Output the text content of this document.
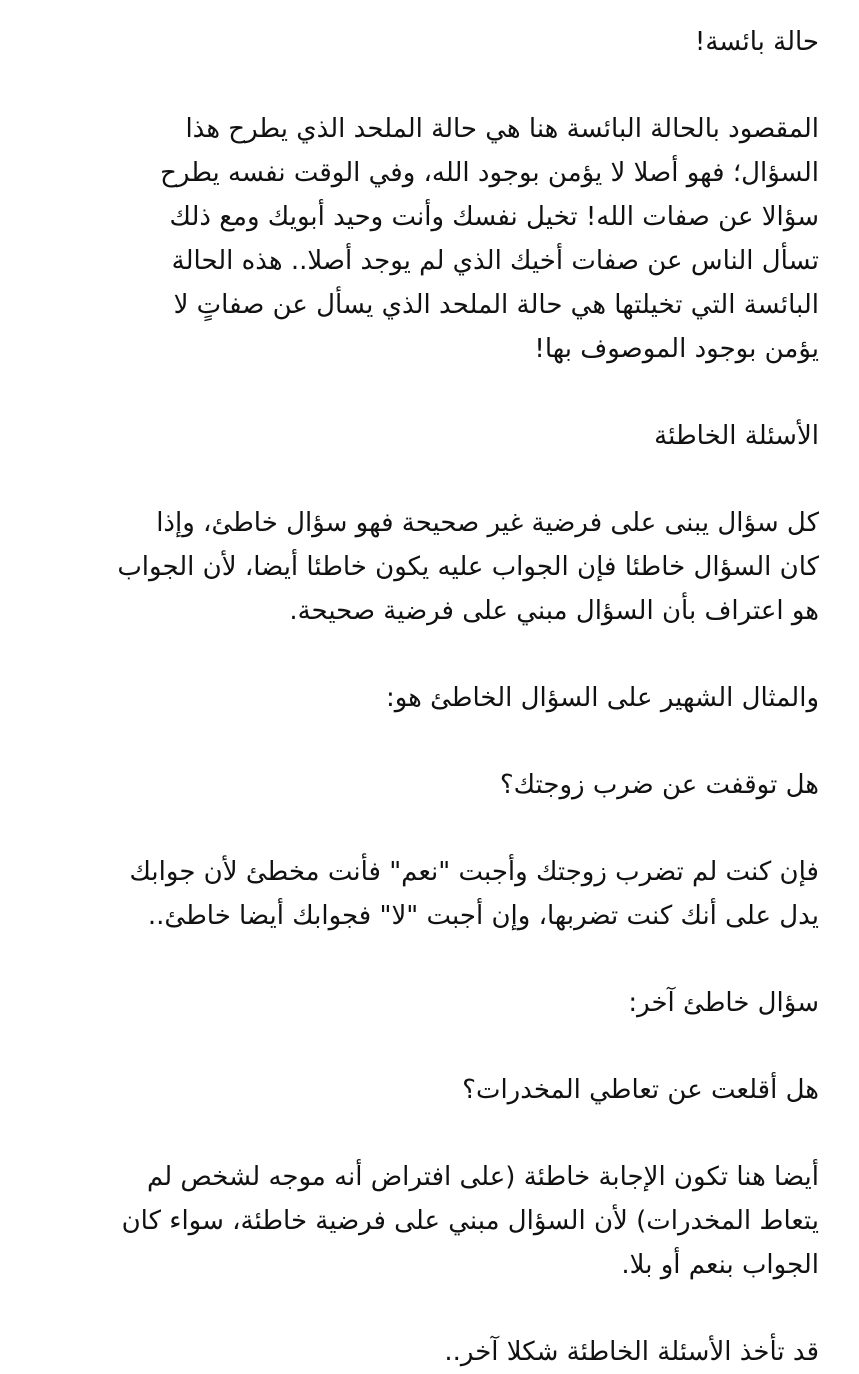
حالة بائسة!

المقصود بالحالة البائسة هنا هي حالة الملحد الذي يطرح هذا
السؤال؛ فهو أصلا لا يؤمن بوجود الله، وفي الوقت نفسه يطرح
سؤالا عن صفات الله! تخيل نفسك وأنت وحيد أبويك ومع ذلك
تسأل الناس عن صفات أخيك الذي لم يوجد أصلا.. هذه الحالة
البائسة التي تخيلتها هي حالة الملحد الذي يسأل عن صفاتٍ لا
يؤمن بوجود الموصوف بها!

الأسئلة الخاطئة

كل سؤال يبنى على فرضية غير صحيحة فهو سؤال خاطئ، وإذا
كان السؤال خاطئا فإن الجواب عليه يكون خاطئا أيضا، لأن الجواب
هو اعتراف بأن السؤال مبني على فرضية صحيحة.

والمثال الشهير على السؤال الخاطئ هو:

هل توقفت عن ضرب زوجتك؟

فإن كنت لم تضرب زوجتك وأجبت "نعم" فأنت مخطئ لأن جوابك
يدل على أنك كنت تضربها، وإن أجبت "لا" فجوابك أيضا خاطئ..

سؤال خاطئ آخر:

هل أقلعت عن تعاطي المخدرات؟

أيضا هنا تكون الإجابة خاطئة (على افتراض أنه موجه لشخص لم
يتعاط المخدرات) لأن السؤال مبني على فرضية خاطئة، سواء كان
الجواب بنعم أو بلا.

قد تأخذ الأسئلة الخاطئة شكلا آخر..
